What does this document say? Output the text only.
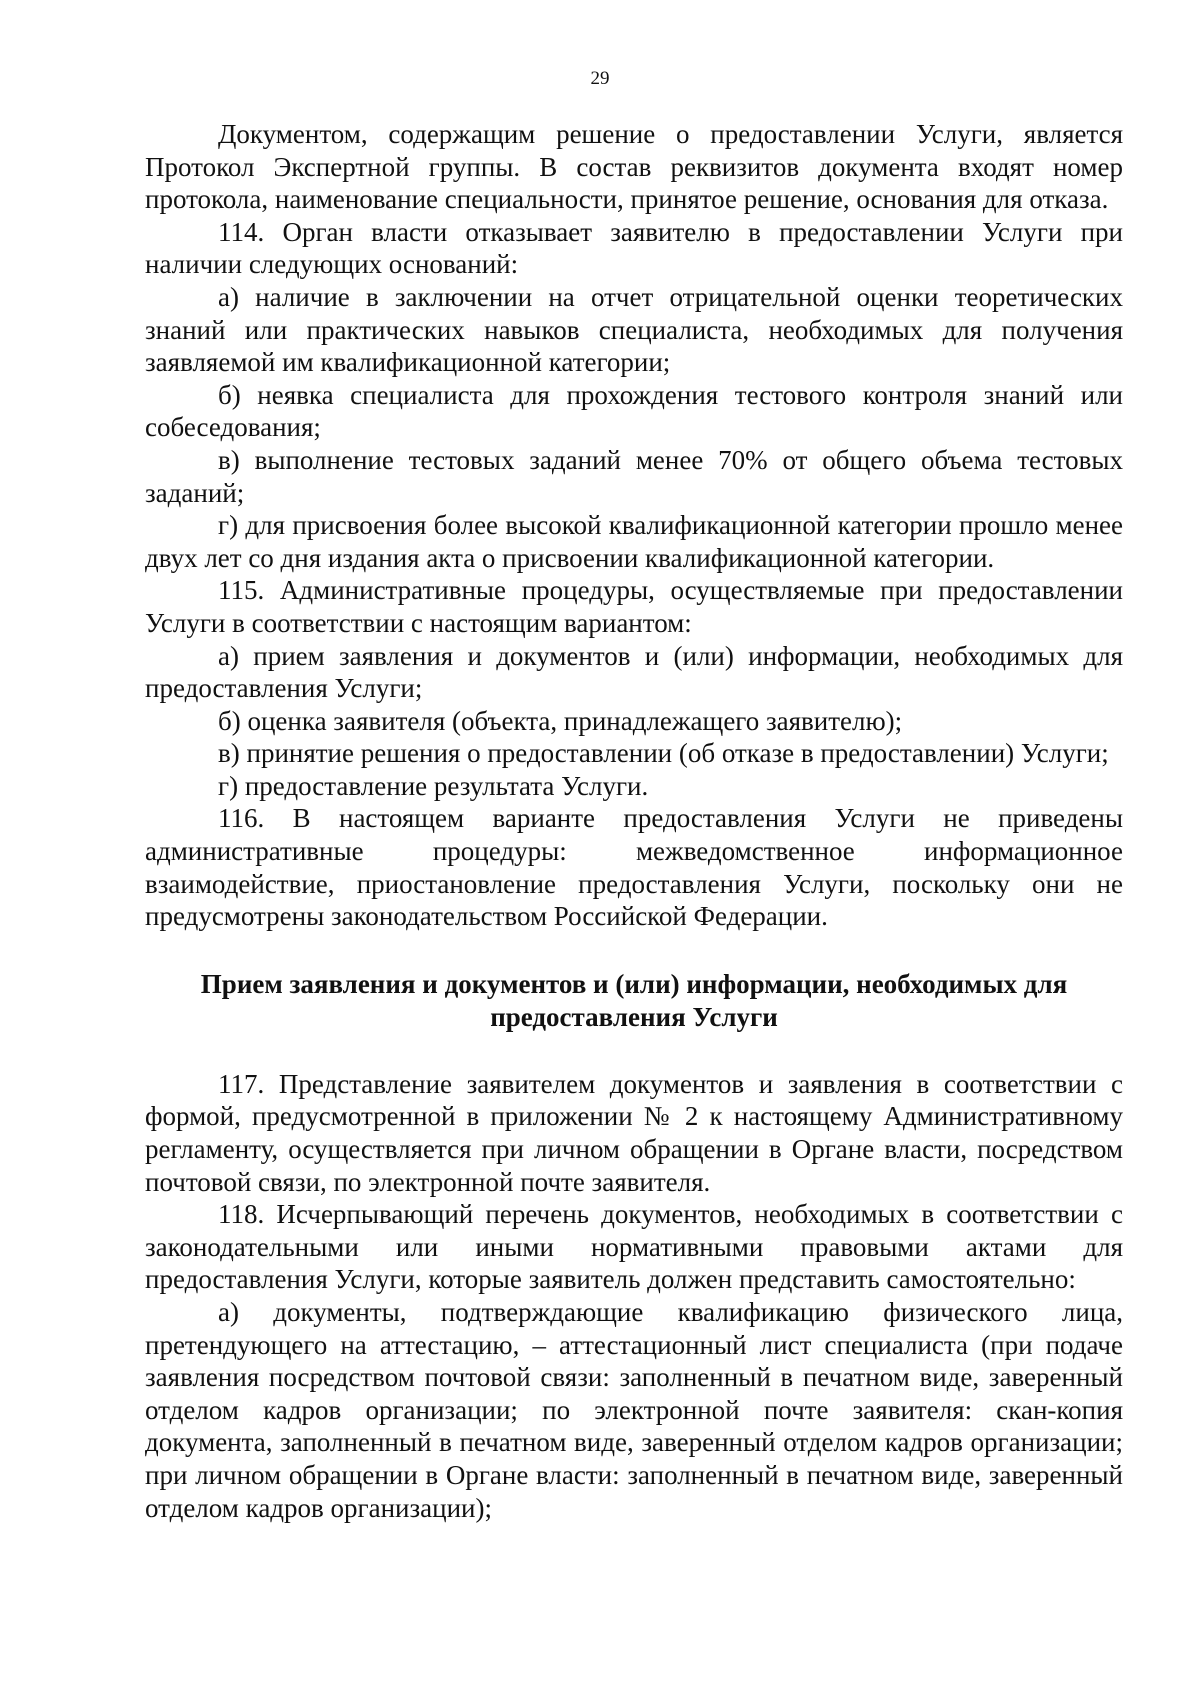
29

Документом, содержащим решение о предоставлении Услуги, является Протокол Экспертной группы. В состав реквизитов документа входят номер протокола, наименование специальности, принятое решение, основания для отказа.

114. Орган власти отказывает заявителю в предоставлении Услуги при наличии следующих оснований:

а) наличие в заключении на отчет отрицательной оценки теоретических знаний или практических навыков специалиста, необходимых для получения заявляемой им квалификационной категории;

б) неявка специалиста для прохождения тестового контроля знаний или собеседования;

в) выполнение тестовых заданий менее 70% от общего объема тестовых заданий;

г) для присвоения более высокой квалификационной категории прошло менее двух лет со дня издания акта о присвоении квалификационной категории.

115. Административные процедуры, осуществляемые при предоставлении Услуги в соответствии с настоящим вариантом:

а) прием заявления и документов и (или) информации, необходимых для предоставления Услуги;

б) оценка заявителя (объекта, принадлежащего заявителю);

в) принятие решения о предоставлении (об отказе в предоставлении) Услуги;

г) предоставление результата Услуги.

116. В настоящем варианте предоставления Услуги не приведены административные процедуры: межведомственное информационное взаимодействие, приостановление предоставления Услуги, поскольку они не предусмотрены законодательством Российской Федерации.

Прием заявления и документов и (или) информации, необходимых для
предоставления Услуги

117. Представление заявителем документов и заявления в соответствии с формой, предусмотренной в приложении № 2 к настоящему Административному регламенту, осуществляется при личном обращении в Органе власти, посредством почтовой связи, по электронной почте заявителя.

118. Исчерпывающий перечень документов, необходимых в соответствии с законодательными или иными нормативными правовыми актами для предоставления Услуги, которые заявитель должен представить самостоятельно:

а) документы, подтверждающие квалификацию физического лица, претендующего на аттестацию, – аттестационный лист специалиста (при подаче заявления посредством почтовой связи: заполненный в печатном виде, заверенный отделом кадров организации; по электронной почте заявителя: скан-копия документа, заполненный в печатном виде, заверенный отделом кадров организации; при личном обращении в Органе власти: заполненный в печатном виде, заверенный отделом кадров организации);
